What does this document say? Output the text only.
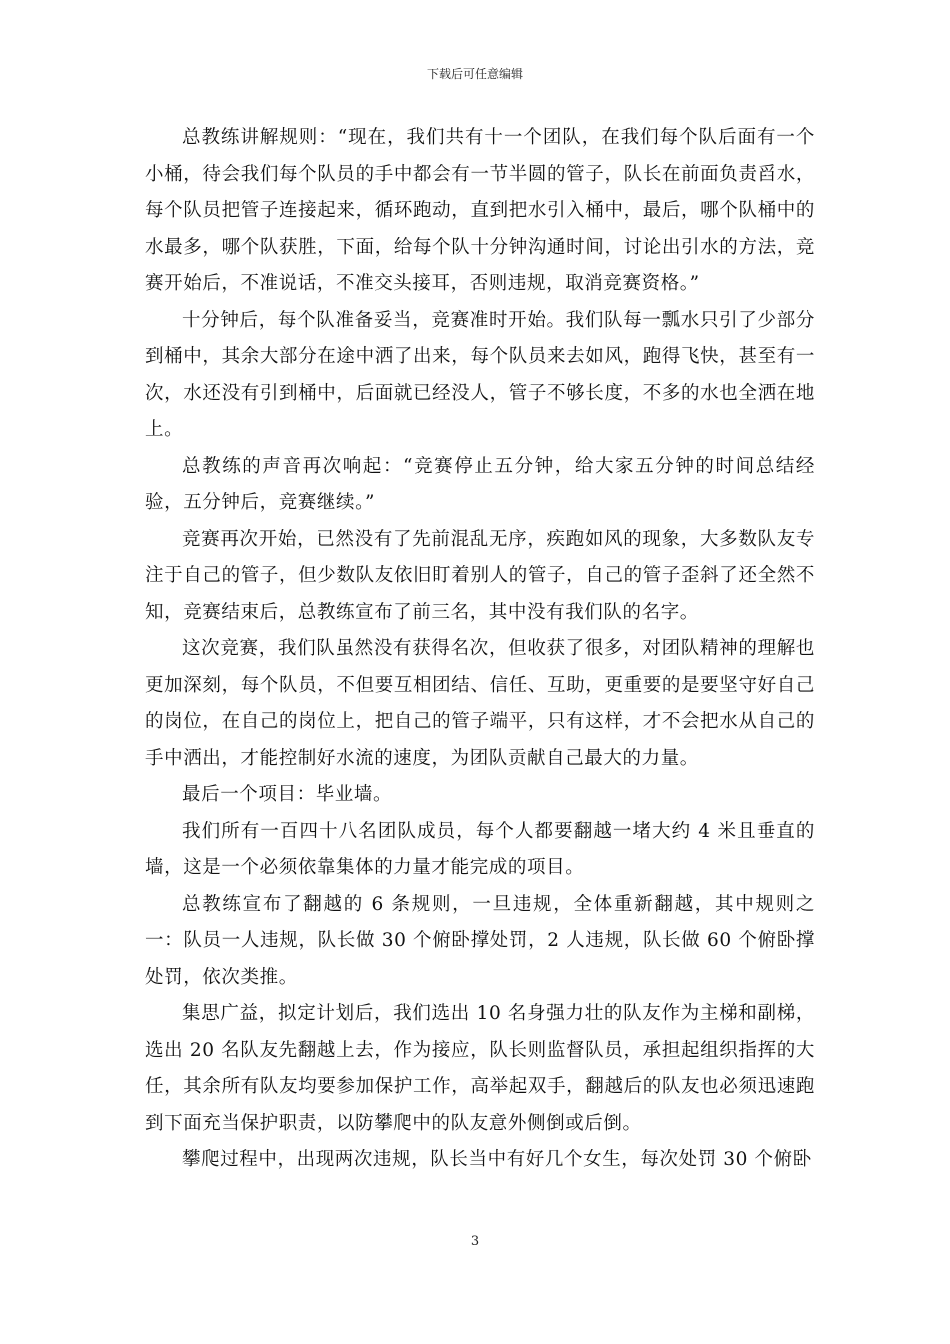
下载后可任意编辑

总教练讲解规则：“现在，我们共有十一个团队，在我们每个队后面有一个小桶，待会我们每个队员的手中都会有一节半圆的管子，队长在前面负责舀水，每个队员把管子连接起来，循环跑动，直到把水引入桶中，最后，哪个队桶中的水最多，哪个队获胜，下面，给每个队十分钟沟通时间，讨论出引水的方法，竞赛开始后，不准说话，不准交头接耳，否则违规，取消竞赛资格。”

十分钟后，每个队准备妥当，竞赛准时开始。我们队每一瓢水只引了少部分到桶中，其余大部分在途中洒了出来，每个队员来去如风，跑得飞快，甚至有一次，水还没有引到桶中，后面就已经没人，管子不够长度，不多的水也全洒在地上。

总教练的声音再次响起：“竞赛停止五分钟，给大家五分钟的时间总结经验，五分钟后，竞赛继续。”

竞赛再次开始，已然没有了先前混乱无序，疾跑如风的现象，大多数队友专注于自己的管子，但少数队友依旧盯着别人的管子，自己的管子歪斜了还全然不知，竞赛结束后，总教练宣布了前三名，其中没有我们队的名字。

这次竞赛，我们队虽然没有获得名次，但收获了很多，对团队精神的理解也更加深刻，每个队员，不但要互相团结、信任、互助，更重要的是要坚守好自己的岗位，在自己的岗位上，把自己的管子端平，只有这样，才不会把水从自己的手中洒出，才能控制好水流的速度，为团队贡献自己最大的力量。

最后一个项目：毕业墙。

我们所有一百四十八名团队成员，每个人都要翻越一堵大约 4 米且垂直的墙，这是一个必须依靠集体的力量才能完成的项目。

总教练宣布了翻越的 6 条规则，一旦违规，全体重新翻越，其中规则之一：队员一人违规，队长做 30 个俯卧撑处罚，2 人违规，队长做 60 个俯卧撑处罚，依次类推。

集思广益，拟定计划后，我们选出 10 名身强力壮的队友作为主梯和副梯，选出 20 名队友先翻越上去，作为接应，队长则监督队员，承担起组织指挥的大任，其余所有队友均要参加保护工作，高举起双手，翻越后的队友也必须迅速跑到下面充当保护职责，以防攀爬中的队友意外侧倒或后倒。

攀爬过程中，出现两次违规，队长当中有好几个女生，每次处罚 30 个俯卧

3
